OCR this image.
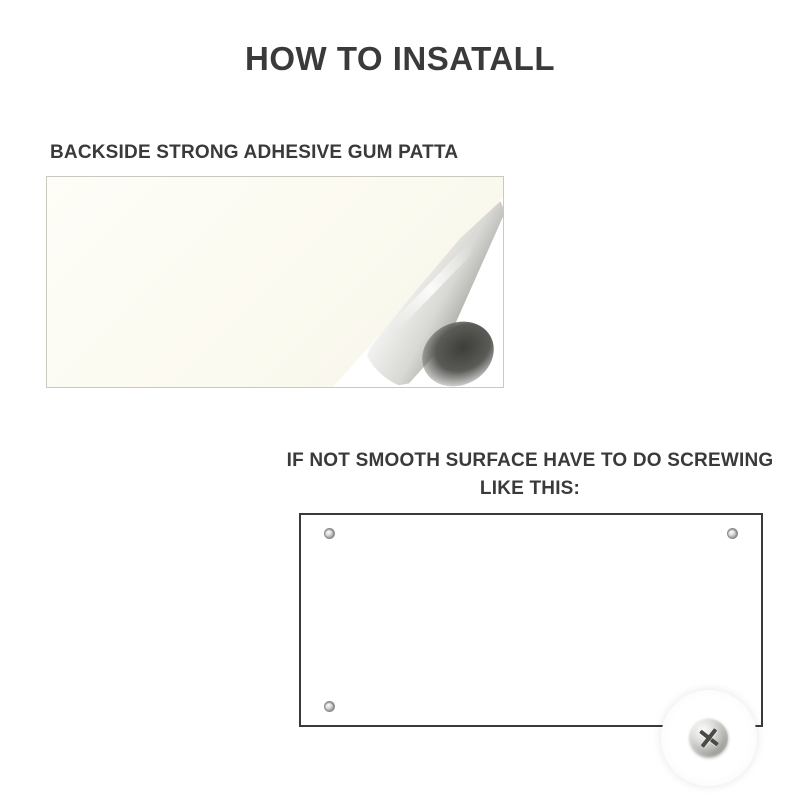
HOW TO INSATALL
BACKSIDE STRONG ADHESIVE GUM PATTA
IF NOT SMOOTH SURFACE HAVE TO DO SCREWING LIKE THIS:
